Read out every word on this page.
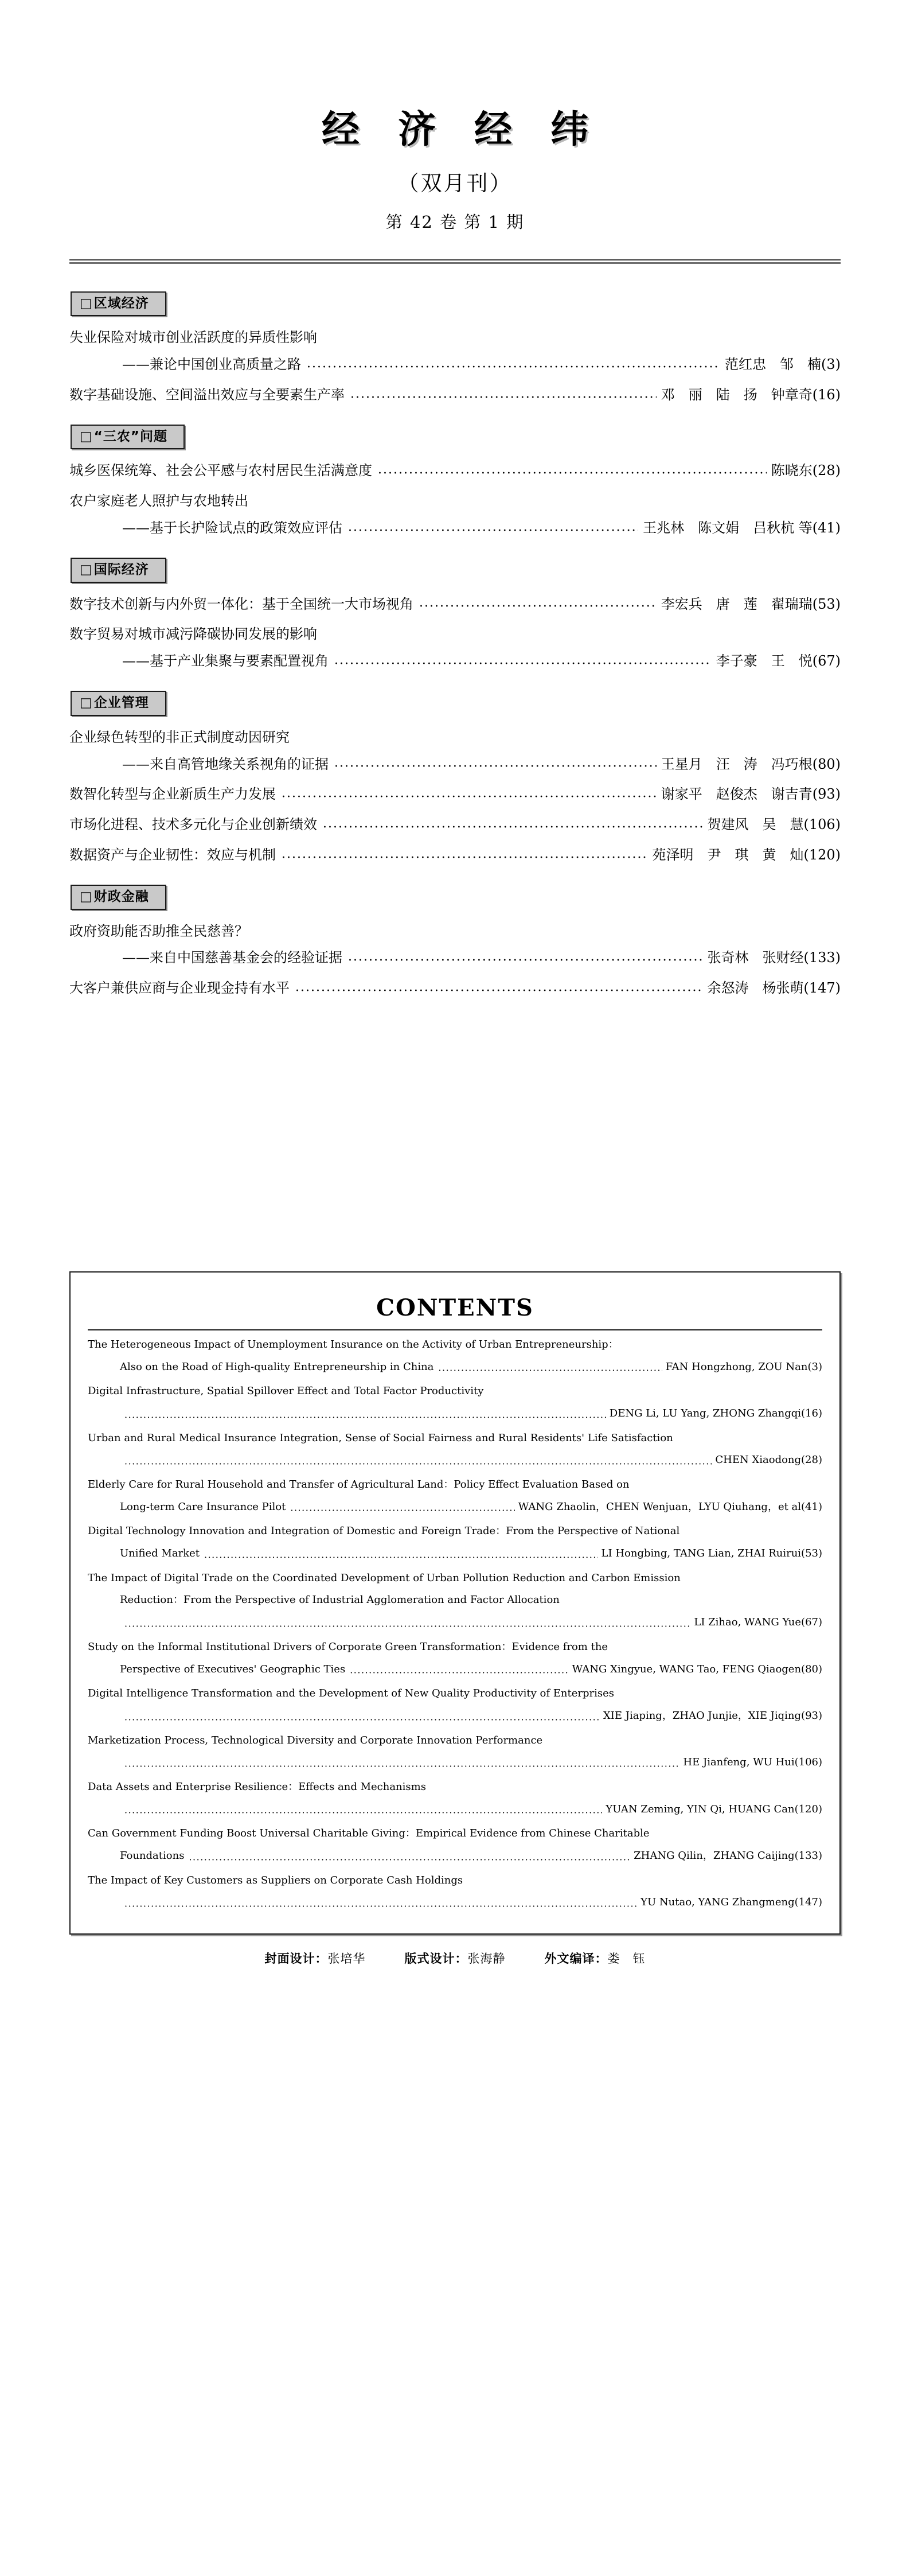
经 济 经 纬
（双月刊）
第 42 卷 第 1 期
□区域经济
失业保险对城市创业活跃度的异质性影响
——兼论中国创业高质量之路 ·····	范红忠　邹　楠(3)
数字基础设施、空间溢出效应与全要素生产率 ·····	邓　丽　陆　扬　钟章奇(16)
□“三农”问题
城乡医保统筹、社会公平感与农村居民生活满意度 ·····	陈晓东(28)
农户家庭老人照护与农地转出
——基于长护险试点的政策效应评估 ·····	王兆林　陈文娟　吕秋杭 等(41)
□国际经济
数字技术创新与内外贸一体化：基于全国统一大市场视角 ·····	李宏兵　唐　莲　翟瑞瑞(53)
数字贸易对城市减污降碳协同发展的影响
——基于产业集聚与要素配置视角 ·····	李子豪　王　悦(67)
□企业管理
企业绿色转型的非正式制度动因研究
——来自高管地缘关系视角的证据 ·····	王星月　汪　涛　冯巧根(80)
数智化转型与企业新质生产力发展 ·····	谢家平　赵俊杰　谢吉青(93)
市场化进程、技术多元化与企业创新绩效 ·····	贺建风　吴　慧(106)
数据资产与企业韧性：效应与机制 ·····	苑泽明　尹　琪　黄　灿(120)
□财政金融
政府资助能否助推全民慈善？
——来自中国慈善基金会的经验证据 ·····	张奇林　张财经(133)
大客户兼供应商与企业现金持有水平 ·····	余怒涛　杨张萌(147)
CONTENTS
The Heterogeneous Impact of Unemployment Insurance on the Activity of Urban Entrepreneurship：
Also on the Road of High-quality Entrepreneurship in China ·····	FAN Hongzhong, ZOU Nan(3)
Digital Infrastructure, Spatial Spillover Effect and Total Factor Productivity
·····
DENG Li, LU Yang, ZHONG Zhangqi(16)
Urban and Rural Medical Insurance Integration, Sense of Social Fairness and Rural Residents' Life Satisfaction
·····
CHEN Xiaodong(28)
Elderly Care for Rural Household and Transfer of Agricultural Land：Policy Effect Evaluation Based on
Long-term Care Insurance Pilot ·····	WANG Zhaolin，CHEN Wenjuan，LYU Qiuhang，et al(41)
Digital Technology Innovation and Integration of Domestic and Foreign Trade：From the Perspective of National
Unified Market ·····	LI Hongbing, TANG Lian, ZHAI Ruirui(53)
The Impact of Digital Trade on the Coordinated Development of Urban Pollution Reduction and Carbon Emission
Reduction：From the Perspective of Industrial Agglomeration and Factor Allocation
·····
LI Zihao, WANG Yue(67)
Study on the Informal Institutional Drivers of Corporate Green Transformation：Evidence from the
Perspective of Executives' Geographic Ties ·····	WANG Xingyue, WANG Tao, FENG Qiaogen(80)
Digital Intelligence Transformation and the Development of New Quality Productivity of Enterprises
·····
XIE Jiaping，ZHAO Junjie，XIE Jiqing(93)
Marketization Process, Technological Diversity and Corporate Innovation Performance
·····
HE Jianfeng, WU Hui(106)
Data Assets and Enterprise Resilience：Effects and Mechanisms
·····
YUAN Zeming, YIN Qi, HUANG Can(120)
Can Government Funding Boost Universal Charitable Giving：Empirical Evidence from Chinese Charitable
Foundations ·····	ZHANG Qilin，ZHANG Caijing(133)
The Impact of Key Customers as Suppliers on Corporate Cash Holdings
·····
YU Nutao, YANG Zhangmeng(147)
封面设计：张培华	版式设计：张海静	外文编译：娄　钰
